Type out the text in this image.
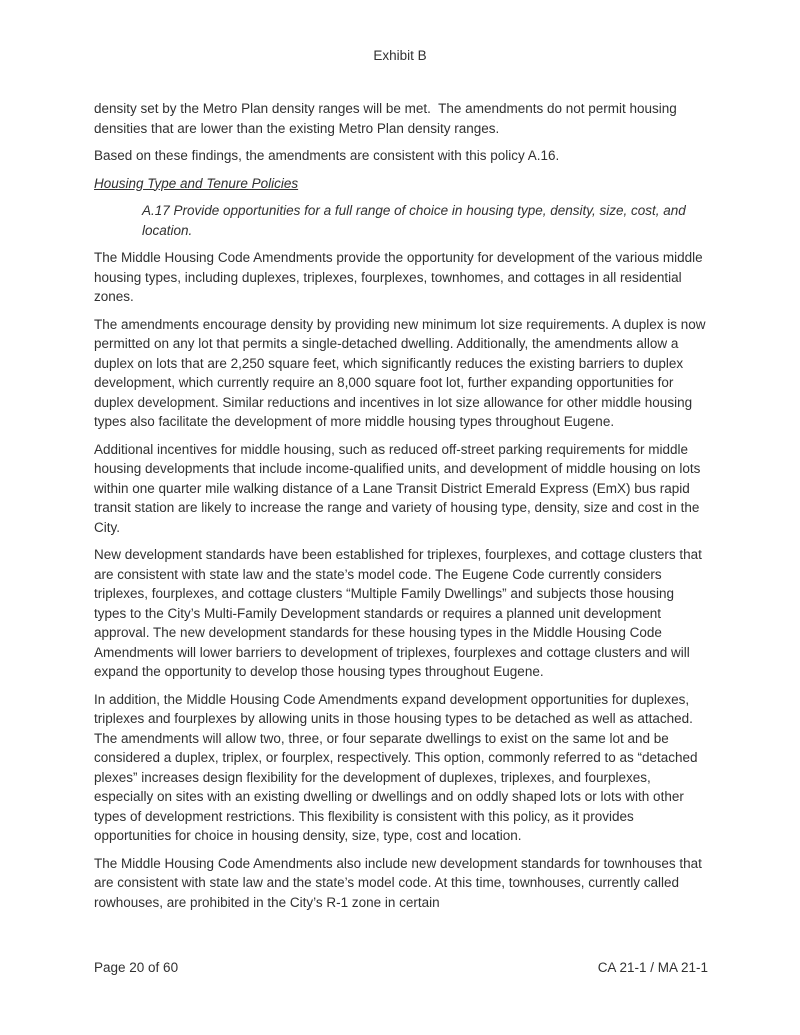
Exhibit B

density set by the Metro Plan density ranges will be met.  The amendments do not permit housing densities that are lower than the existing Metro Plan density ranges.

Based on these findings, the amendments are consistent with this policy A.16.

Housing Type and Tenure Policies

A.17 Provide opportunities for a full range of choice in housing type, density, size, cost, and location.

The Middle Housing Code Amendments provide the opportunity for development of the various middle housing types, including duplexes, triplexes, fourplexes, townhomes, and cottages in all residential zones.

The amendments encourage density by providing new minimum lot size requirements. A duplex is now permitted on any lot that permits a single-detached dwelling. Additionally, the amendments allow a duplex on lots that are 2,250 square feet, which significantly reduces the existing barriers to duplex development, which currently require an 8,000 square foot lot, further expanding opportunities for duplex development. Similar reductions and incentives in lot size allowance for other middle housing types also facilitate the development of more middle housing types throughout Eugene.

Additional incentives for middle housing, such as reduced off-street parking requirements for middle housing developments that include income-qualified units, and development of middle housing on lots within one quarter mile walking distance of a Lane Transit District Emerald Express (EmX) bus rapid transit station are likely to increase the range and variety of housing type, density, size and cost in the City.

New development standards have been established for triplexes, fourplexes, and cottage clusters that are consistent with state law and the state’s model code. The Eugene Code currently considers triplexes, fourplexes, and cottage clusters “Multiple Family Dwellings” and subjects those housing types to the City’s Multi-Family Development standards or requires a planned unit development approval. The new development standards for these housing types in the Middle Housing Code Amendments will lower barriers to development of triplexes, fourplexes and cottage clusters and will expand the opportunity to develop those housing types throughout Eugene.

In addition, the Middle Housing Code Amendments expand development opportunities for duplexes, triplexes and fourplexes by allowing units in those housing types to be detached as well as attached. The amendments will allow two, three, or four separate dwellings to exist on the same lot and be considered a duplex, triplex, or fourplex, respectively. This option, commonly referred to as “detached plexes” increases design flexibility for the development of duplexes, triplexes, and fourplexes, especially on sites with an existing dwelling or dwellings and on oddly shaped lots or lots with other types of development restrictions. This flexibility is consistent with this policy, as it provides opportunities for choice in housing density, size, type, cost and location.

The Middle Housing Code Amendments also include new development standards for townhouses that are consistent with state law and the state’s model code. At this time, townhouses, currently called rowhouses, are prohibited in the City’s R-1 zone in certain

Page 20 of 60	CA 21-1 / MA 21-1
